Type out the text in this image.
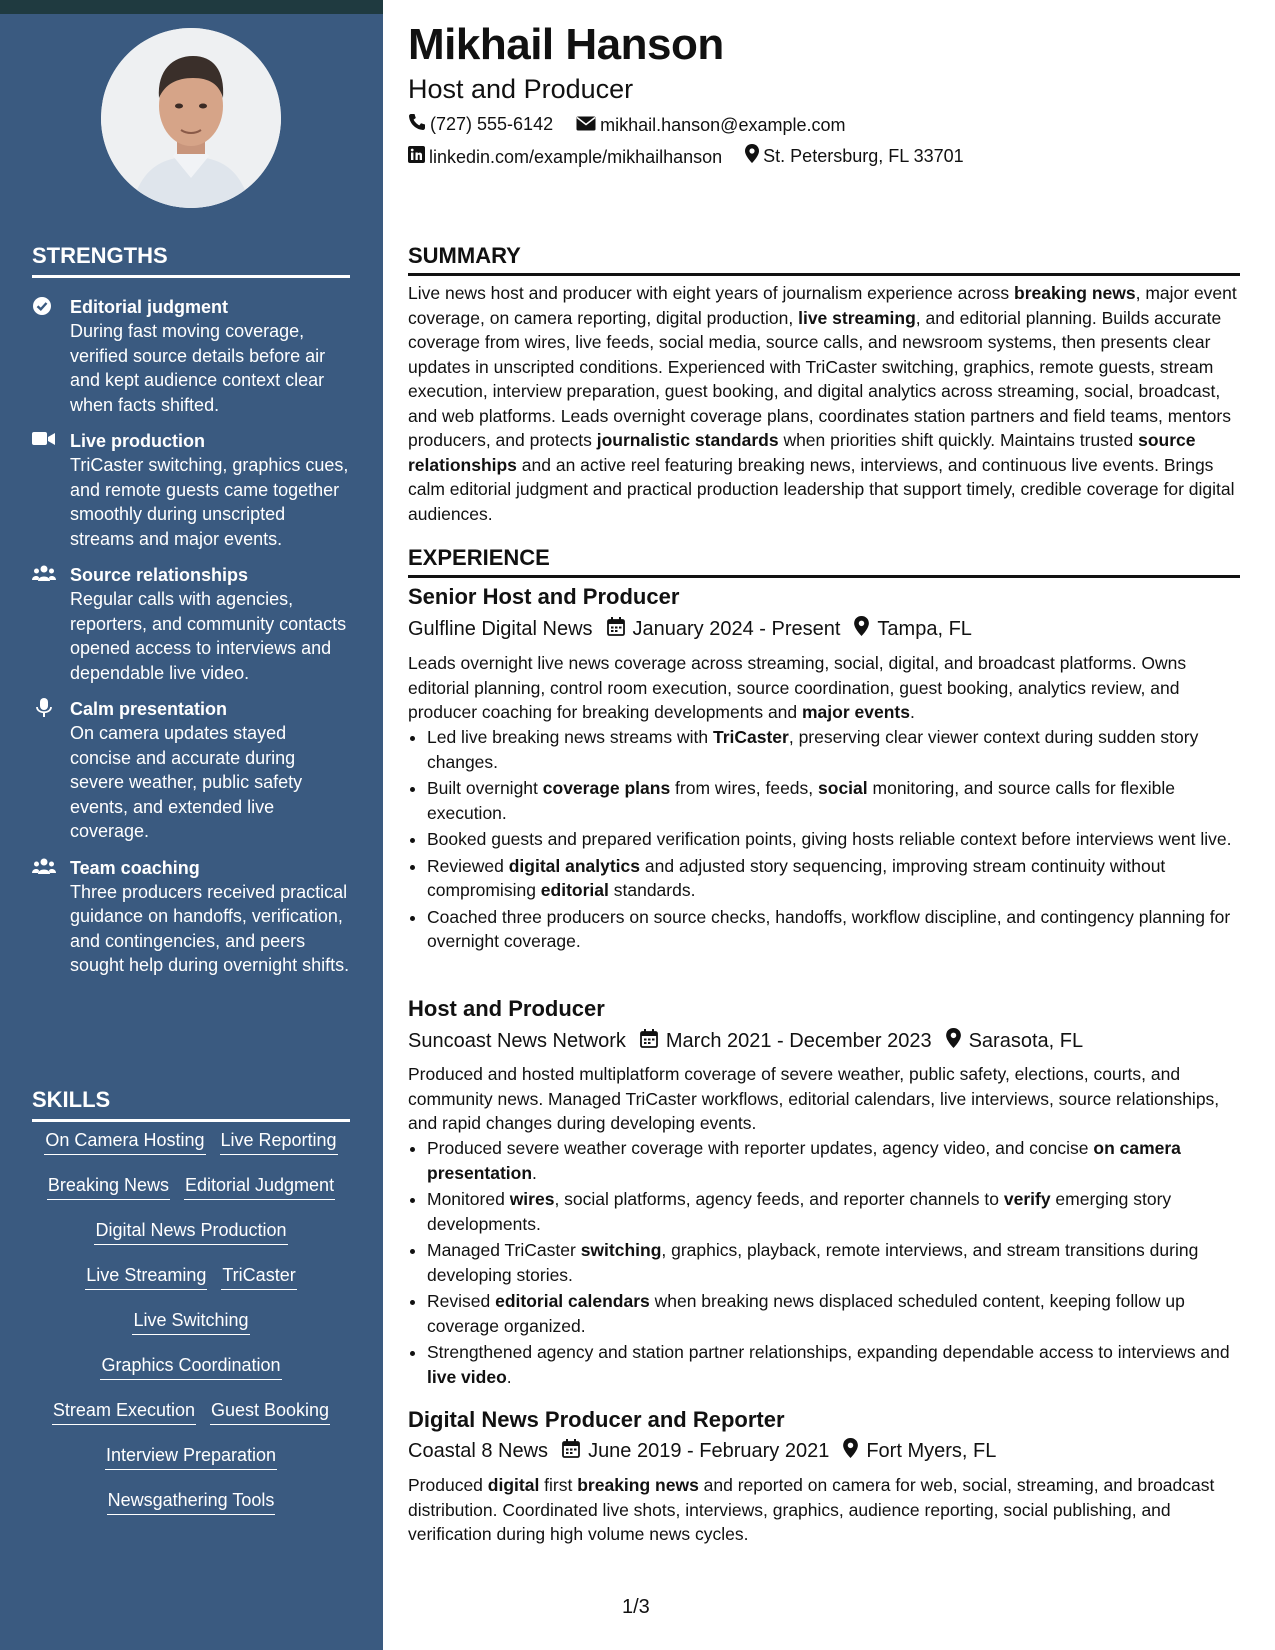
STRENGTHS
Editorial judgment
During fast moving coverage, verified source details before air and kept audience context clear when facts shifted.
Live production
TriCaster switching, graphics cues, and remote guests came together smoothly during unscripted streams and major events.
Source relationships
Regular calls with agencies, reporters, and community contacts opened access to interviews and dependable live video.
Calm presentation
On camera updates stayed concise and accurate during severe weather, public safety events, and extended live coverage.
Team coaching
Three producers received practical guidance on handoffs, verification, and contingencies, and peers sought help during overnight shifts.
SKILLS
On Camera Hosting Live Reporting
Breaking News Editorial Judgment
Digital News Production
Live Streaming TriCaster
Live Switching
Graphics Coordination
Stream Execution Guest Booking
Interview Preparation
Newsgathering Tools
Mikhail Hanson
Host and Producer
(727) 555-6142
	mikhail.hanson@example.com
linkedin.com/example/mikhailhanson
St. Petersburg, FL 33701
SUMMARY
Live news host and producer with eight years of journalism experience across breaking news, major event coverage, on camera reporting, digital production, live streaming, and editorial planning. Builds accurate coverage from wires, live feeds, social media, source calls, and newsroom systems, then presents clear updates in unscripted conditions. Experienced with TriCaster switching, graphics, remote guests, stream execution, interview preparation, guest booking, and digital analytics across streaming, social, broadcast, and web platforms. Leads overnight coverage plans, coordinates station partners and field teams, mentors producers, and protects journalistic standards when priorities shift quickly. Maintains trusted source relationships and an active reel featuring breaking news, interviews, and continuous live events. Brings calm editorial judgment and practical production leadership that support timely, credible coverage for digital audiences.
EXPERIENCE
Senior Host and Producer
Gulfline Digital News January 2024 - Present Tampa, FL
Leads overnight live news coverage across streaming, social, digital, and broadcast platforms. Owns editorial planning, control room execution, source coordination, guest booking, analytics review, and producer coaching for breaking developments and major events.
• Led live breaking news streams with TriCaster, preserving clear viewer context during sudden story changes.
• Built overnight coverage plans from wires, feeds, social monitoring, and source calls for flexible execution.
• Booked guests and prepared verification points, giving hosts reliable context before interviews went live.
• Reviewed digital analytics and adjusted story sequencing, improving stream continuity without compromising editorial standards.
• Coached three producers on source checks, handoffs, workflow discipline, and contingency planning for overnight coverage.
Host and Producer
Suncoast News Network March 2021 - December 2023 Sarasota, FL
Produced and hosted multiplatform coverage of severe weather, public safety, elections, courts, and community news. Managed TriCaster workflows, editorial calendars, live interviews, source relationships, and rapid changes during developing events.
• Produced severe weather coverage with reporter updates, agency video, and concise on camera presentation.
• Monitored wires, social platforms, agency feeds, and reporter channels to verify emerging story developments.
• Managed TriCaster switching, graphics, playback, remote interviews, and stream transitions during developing stories.
• Revised editorial calendars when breaking news displaced scheduled content, keeping follow up coverage organized.
• Strengthened agency and station partner relationships, expanding dependable access to interviews and live video.
Digital News Producer and Reporter
Coastal 8 News June 2019 - February 2021 Fort Myers, FL
Produced digital first breaking news and reported on camera for web, social, streaming, and broadcast distribution. Coordinated live shots, interviews, graphics, audience reporting, social publishing, and verification during high volume news cycles.
1/3
